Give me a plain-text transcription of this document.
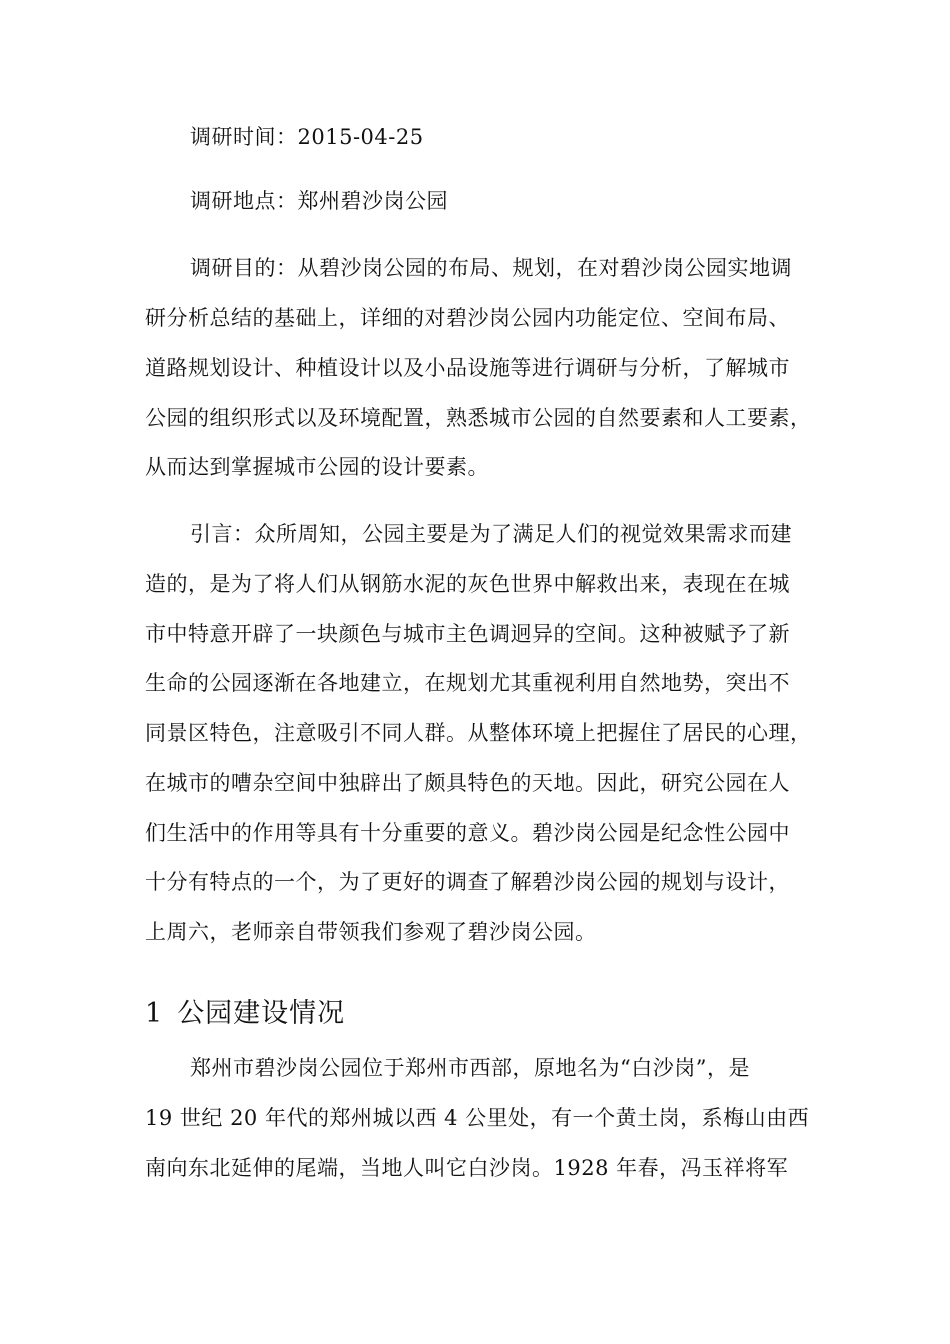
调研时间：2015-04-25
调研地点：郑州碧沙岗公园
调研目的：从碧沙岗公园的布局、规划，在对碧沙岗公园实地调
研分析总结的基础上，详细的对碧沙岗公园内功能定位、空间布局、
道路规划设计、种植设计以及小品设施等进行调研与分析，了解城市
公园的组织形式以及环境配置，熟悉城市公园的自然要素和人工要素，
从而达到掌握城市公园的设计要素。
引言：众所周知，公园主要是为了满足人们的视觉效果需求而建
造的，是为了将人们从钢筋水泥的灰色世界中解救出来，表现在在城
市中特意开辟了一块颜色与城市主色调迥异的空间。这种被赋予了新
生命的公园逐渐在各地建立，在规划尤其重视利用自然地势，突出不
同景区特色，注意吸引不同人群。从整体环境上把握住了居民的心理，
在城市的嘈杂空间中独辟出了颇具特色的天地。因此，研究公园在人
们生活中的作用等具有十分重要的意义。碧沙岗公园是纪念性公园中
十分有特点的一个，为了更好的调查了解碧沙岗公园的规划与设计，
上周六，老师亲自带领我们参观了碧沙岗公园。
1 公园建设情况
郑州市碧沙岗公园位于郑州市西部，原地名为“白沙岗”，是
19 世纪 20 年代的郑州城以西 4 公里处，有一个黄土岗，系梅山由西
南向东北延伸的尾端，当地人叫它白沙岗。1928 年春，冯玉祥将军
